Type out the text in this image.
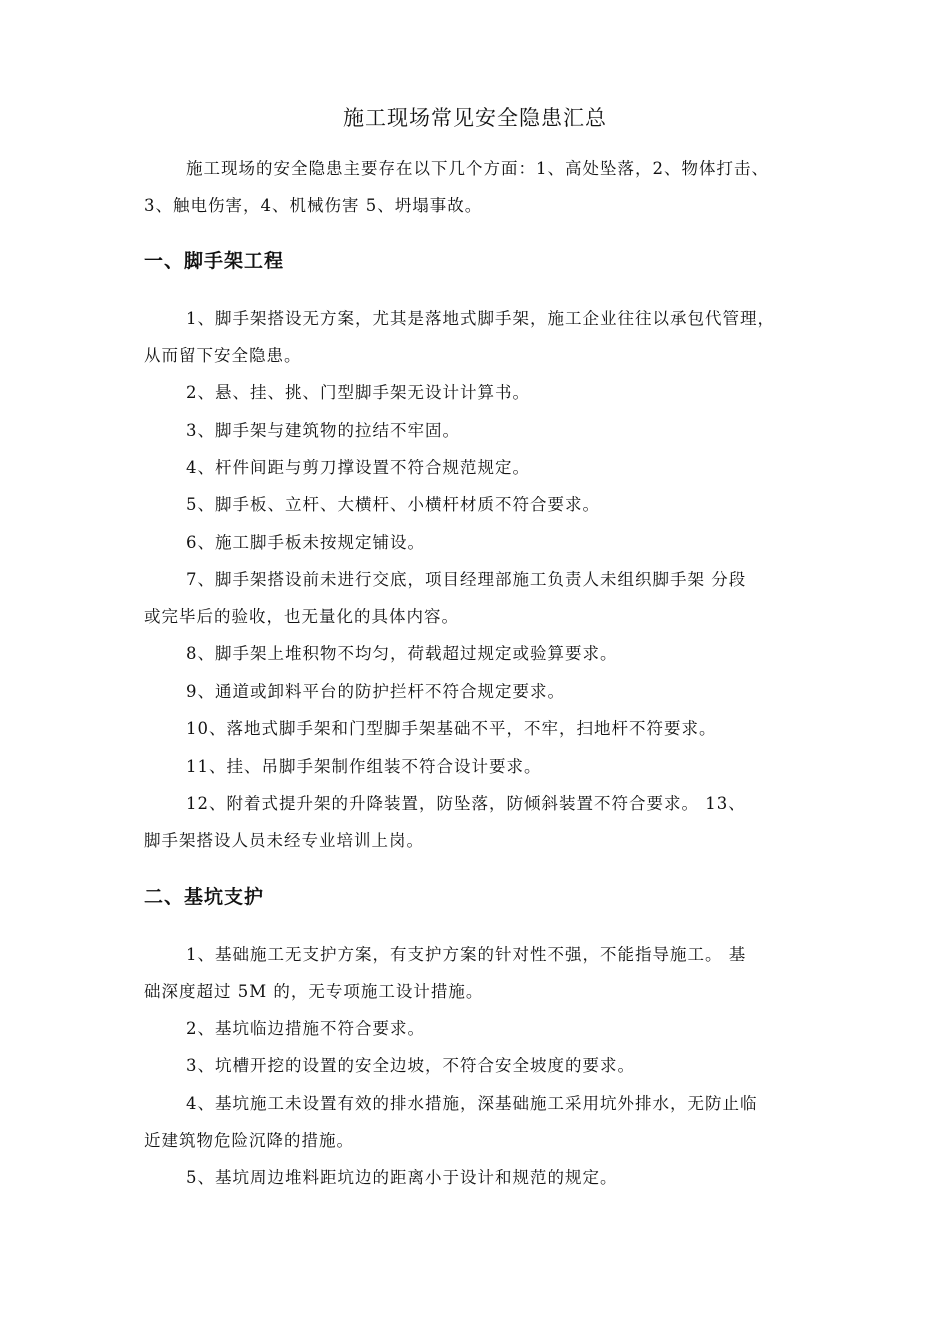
施工现场常见安全隐患汇总

施工现场的安全隐患主要存在以下几个方面：1、高处坠落，2、物体打击、

3、触电伤害，4、机械伤害 5、坍塌事故。

一、脚手架工程

1、脚手架搭设无方案，尤其是落地式脚手架，施工企业往往以承包代管理，

从而留下安全隐患。

2、悬、挂、挑、门型脚手架无设计计算书。

3、脚手架与建筑物的拉结不牢固。

4、杆件间距与剪刀撑设置不符合规范规定。

5、脚手板、立杆、大横杆、小横杆材质不符合要求。

6、施工脚手板未按规定铺设。

7、脚手架搭设前未进行交底，项目经理部施工负责人未组织脚手架 分段

或完毕后的验收，也无量化的具体内容。

8、脚手架上堆积物不均匀，荷载超过规定或验算要求。

9、通道或卸料平台的防护拦杆不符合规定要求。

10、落地式脚手架和门型脚手架基础不平，不牢，扫地杆不符要求。

11、挂、吊脚手架制作组装不符合设计要求。

12、附着式提升架的升降装置，防坠落，防倾斜装置不符合要求。 13、

脚手架搭设人员未经专业培训上岗。

二、基坑支护

1、基础施工无支护方案，有支护方案的针对性不强，不能指导施工。 基

础深度超过 5M 的，无专项施工设计措施。

2、基坑临边措施不符合要求。

3、坑槽开挖的设置的安全边坡，不符合安全坡度的要求。

4、基坑施工未设置有效的排水措施，深基础施工采用坑外排水，无防止临

近建筑物危险沉降的措施。

5、基坑周边堆料距坑边的距离小于设计和规范的规定。
